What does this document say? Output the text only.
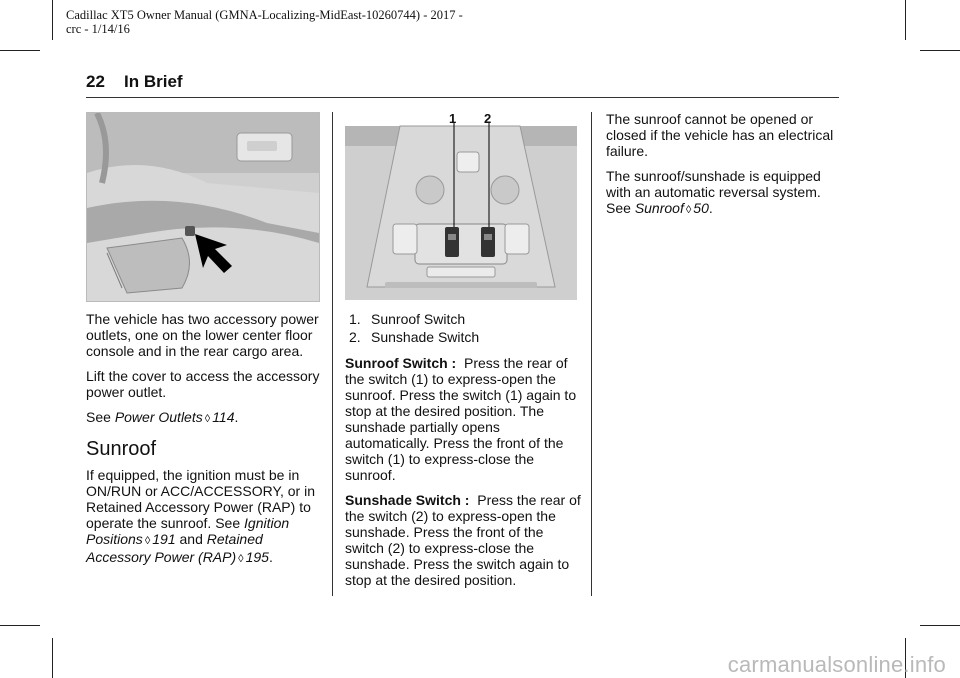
Cadillac XT5 Owner Manual (GMNA-Localizing-MidEast-10260744) - 2017 -
crc - 1/14/16
22 In Brief

The vehicle has two accessory power outlets, one on the lower center floor console and in the rear cargo area.

Lift the cover to access the accessory power outlet.

See Power Outlets ◊ 114.

Sunroof

If equipped, the ignition must be in ON/RUN or ACC/ACCESSORY, or in Retained Accessory Power (RAP) to operate the sunroof. See Ignition Positions ◊ 191 and Retained Accessory Power (RAP) ◊ 195.

1 2
1. Sunroof Switch
2. Sunshade Switch

Sunroof Switch : Press the rear of the switch (1) to express-open the sunroof. Press the switch (1) again to stop at the desired position. The sunshade partially opens automatically. Press the front of the switch (1) to express-close the sunroof.

Sunshade Switch : Press the rear of the switch (2) to express-open the sunshade. Press the front of the switch (2) to express-close the sunshade. Press the switch again to stop at the desired position.

The sunroof cannot be opened or closed if the vehicle has an electrical failure.

The sunroof/sunshade is equipped with an automatic reversal system. See Sunroof ◊ 50.

carmanualsonline.info
